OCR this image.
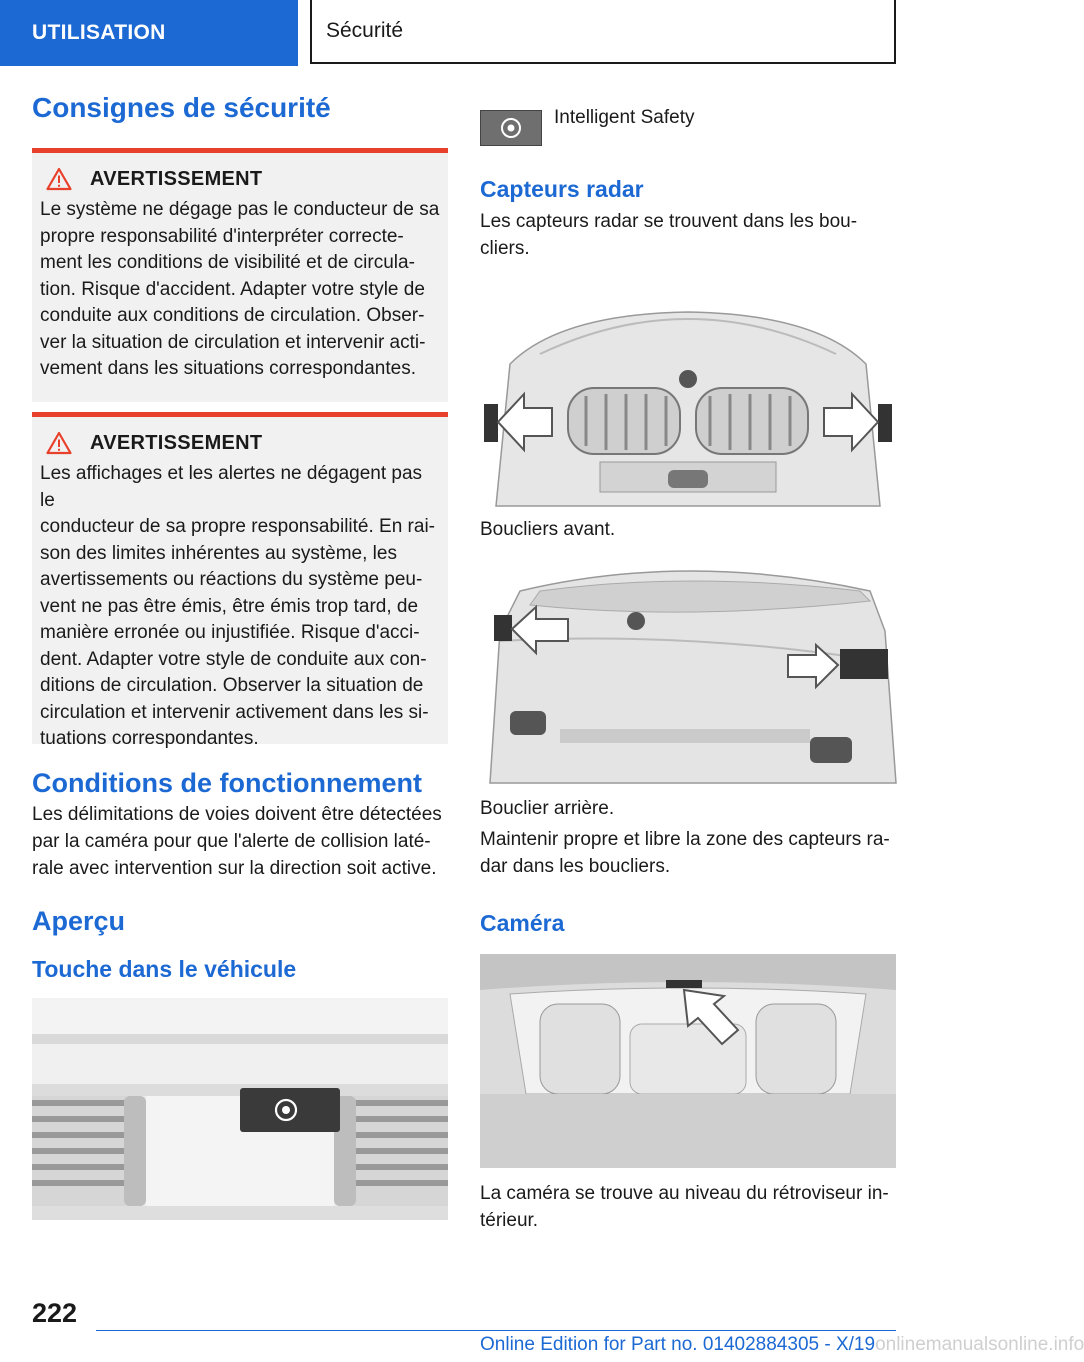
UTILISATION	Sécurité
Consignes de sécurité
AVERTISSEMENT

Le système ne dégage pas le conducteur de sa

propre responsabilité d'interpréter correcte-

ment les conditions de visibilité et de circula-

tion. Risque d'accident. Adapter votre style de

conduite aux conditions de circulation. Obser-

ver la situation de circulation et intervenir acti-

vement dans les situations correspondantes.

AVERTISSEMENT

Les affichages et les alertes ne dégagent pas le

conducteur de sa propre responsabilité. En rai-

son des limites inhérentes au système, les

avertissements ou réactions du système peu-

vent ne pas être émis, être émis trop tard, de

manière erronée ou injustifiée. Risque d'acci-

dent. Adapter votre style de conduite aux con-

ditions de circulation. Observer la situation de

circulation et intervenir activement dans les si-

tuations correspondantes.

Conditions de fonctionnement

Les délimitations de voies doivent être détectées

par la caméra pour que l'alerte de collision laté-

rale avec intervention sur la direction soit active.

Aperçu
Touche dans le véhicule

Intelligent Safety

Capteurs radar

Les capteurs radar se trouvent dans les bou-

cliers.

Boucliers avant.

Bouclier arrière.

Maintenir propre et libre la zone des capteurs ra-

dar dans les boucliers.

Caméra

La caméra se trouve au niveau du rétroviseur in-

térieur.

222
Online Edition for Part no. 01402884305 - X/19onlinemanualsonline.info
